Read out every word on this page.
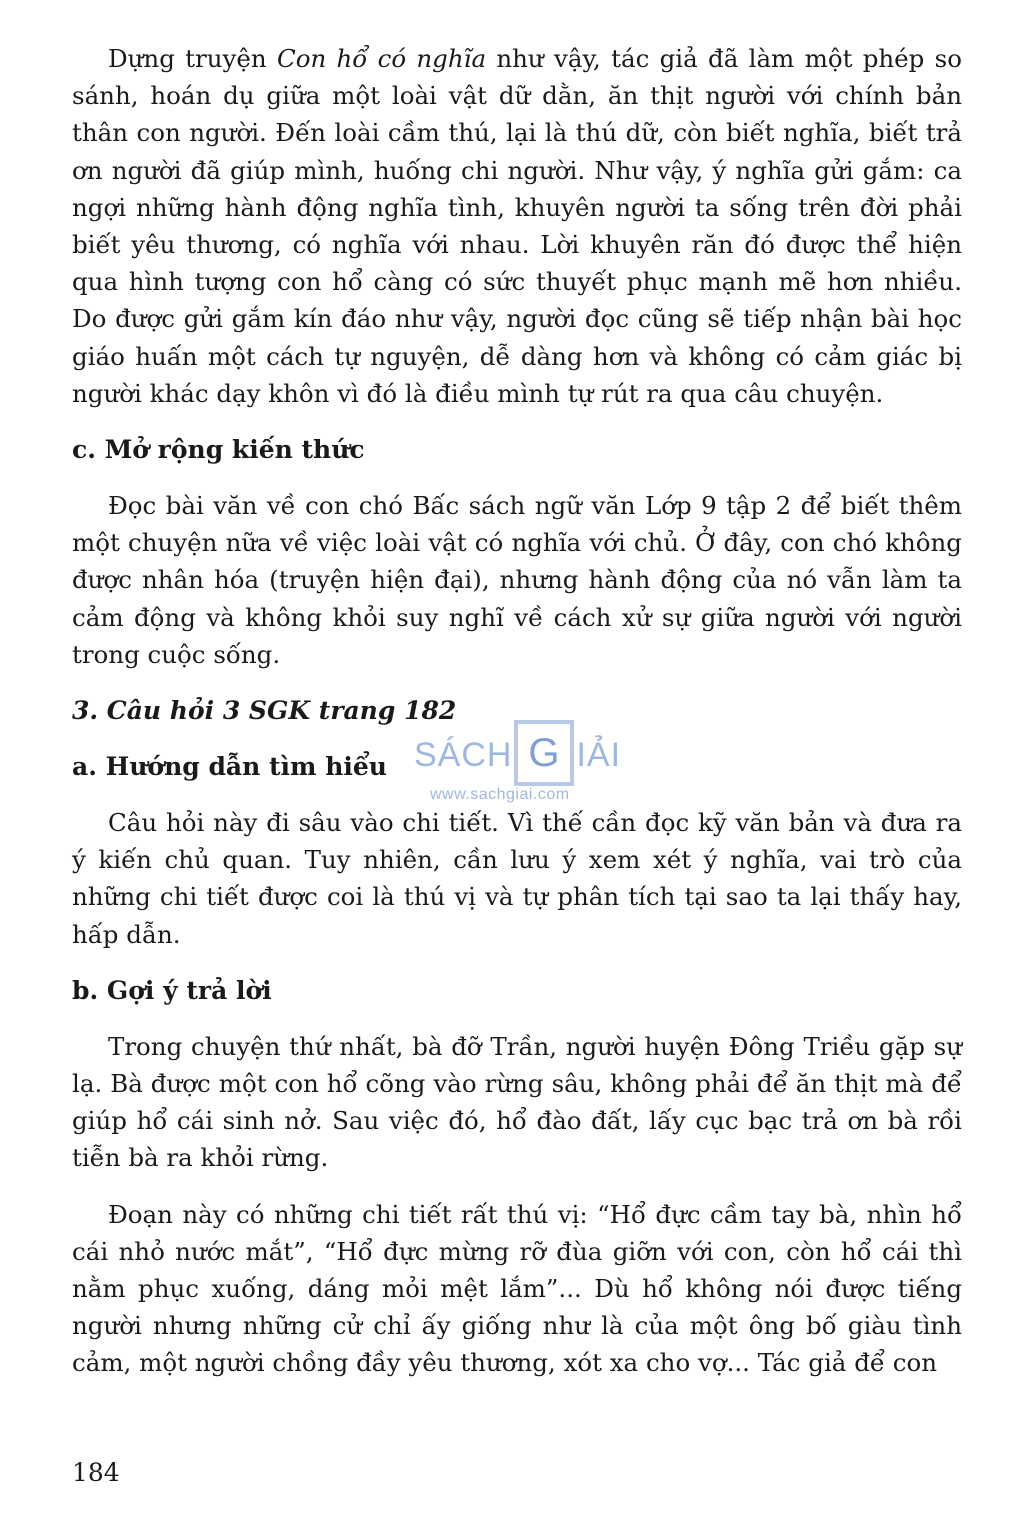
Dựng truyện Con hổ có nghĩa như vậy, tác giả đã làm một phép so sánh, hoán dụ giữa một loài vật dữ dằn, ăn thịt người với chính bản thân con người. Đến loài cầm thú, lại là thú dữ, còn biết nghĩa, biết trả ơn người đã giúp mình, huống chi người. Như vậy, ý nghĩa gửi gắm: ca ngợi những hành động nghĩa tình, khuyên người ta sống trên đời phải biết yêu thương, có nghĩa với nhau. Lời khuyên răn đó được thể hiện qua hình tượng con hổ càng có sức thuyết phục mạnh mẽ hơn nhiều. Do được gửi gắm kín đáo như vậy, người đọc cũng sẽ tiếp nhận bài học giáo huấn một cách tự nguyện, dễ dàng hơn và không có cảm giác bị người khác dạy khôn vì đó là điều mình tự rút ra qua câu chuyện.

c. Mở rộng kiến thức

Đọc bài văn về con chó Bấc sách ngữ văn Lớp 9 tập 2 để biết thêm một chuyện nữa về việc loài vật có nghĩa với chủ. Ở đây, con chó không được nhân hóa (truyện hiện đại), nhưng hành động của nó vẫn làm ta cảm động và không khỏi suy nghĩ về cách xử sự giữa người với người trong cuộc sống.

3. Câu hỏi 3 SGK trang 182

a. Hướng dẫn tìm hiểu

Câu hỏi này đi sâu vào chi tiết. Vì thế cần đọc kỹ văn bản và đưa ra ý kiến chủ quan. Tuy nhiên, cần lưu ý xem xét ý nghĩa, vai trò của những chi tiết được coi là thú vị và tự phân tích tại sao ta lại thấy hay, hấp dẫn.

b. Gợi ý trả lời

Trong chuyện thứ nhất, bà đỡ Trần, người huyện Đông Triều gặp sự lạ. Bà được một con hổ cõng vào rừng sâu, không phải để ăn thịt mà để giúp hổ cái sinh nở. Sau việc đó, hổ đào đất, lấy cục bạc trả ơn bà rồi tiễn bà ra khỏi rừng.

Đoạn này có những chi tiết rất thú vị: “Hổ đực cầm tay bà, nhìn hổ cái nhỏ nước mắt”, “Hổ đực mừng rỡ đùa giỡn với con, còn hổ cái thì nằm phục xuống, dáng mỏi mệt lắm”... Dù hổ không nói được tiếng người nhưng những cử chỉ ấy giống như là của một ông bố giàu tình cảm, một người chồng đầy yêu thương, xót xa cho vợ... Tác giả để con

SÁCH G IẢI
www.sachgiai.com
184
